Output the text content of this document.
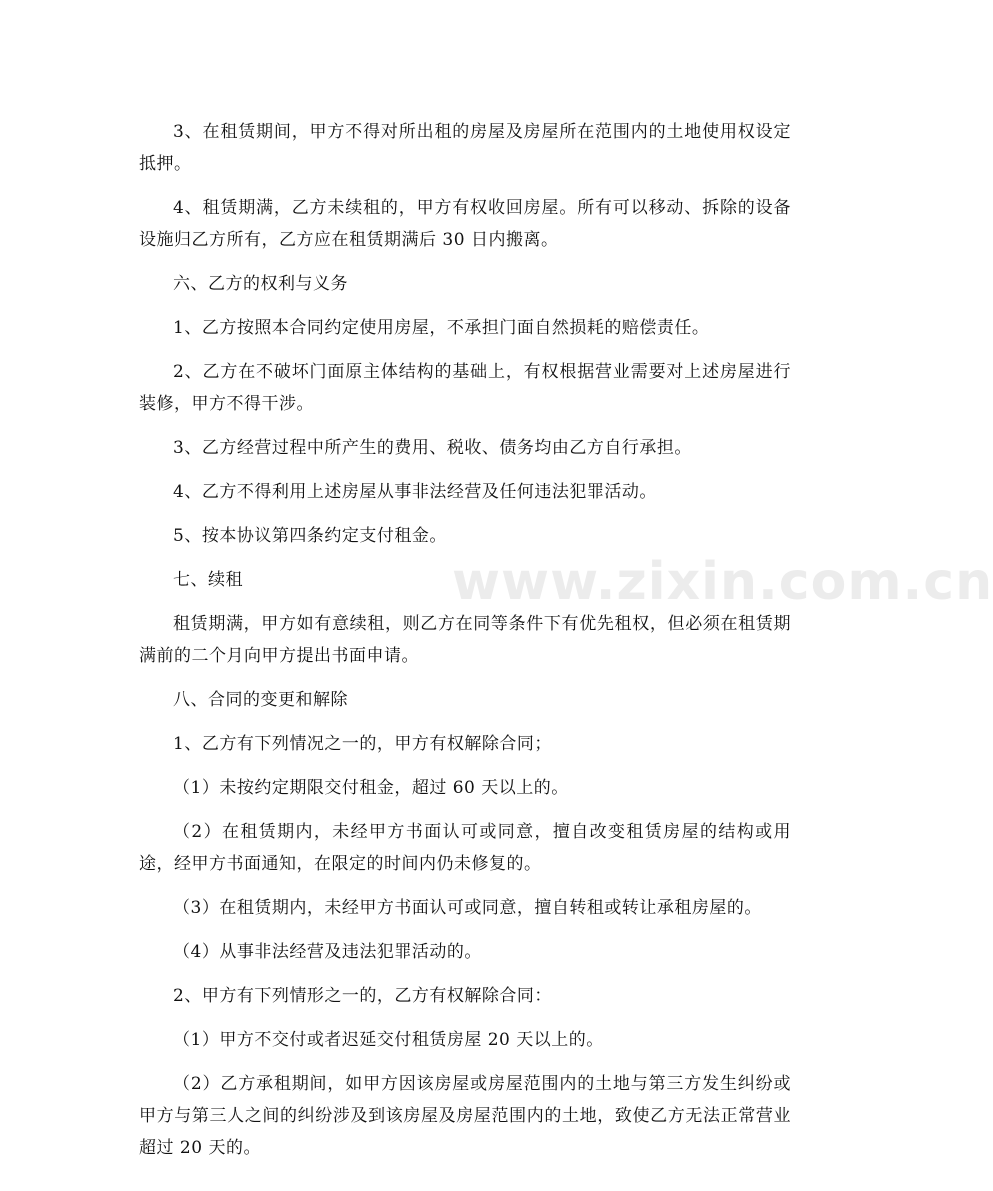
3、在租赁期间，甲方不得对所出租的房屋及房屋所在范围内的土地使用权设定抵押。

4、租赁期满，乙方未续租的，甲方有权收回房屋。所有可以移动、拆除的设备设施归乙方所有，乙方应在租赁期满后 30 日内搬离。

六、乙方的权利与义务

1、乙方按照本合同约定使用房屋，不承担门面自然损耗的赔偿责任。

2、乙方在不破坏门面原主体结构的基础上，有权根据营业需要对上述房屋进行装修，甲方不得干涉。

3、乙方经营过程中所产生的费用、税收、债务均由乙方自行承担。

4、乙方不得利用上述房屋从事非法经营及任何违法犯罪活动。

5、按本协议第四条约定支付租金。

七、续租

租赁期满，甲方如有意续租，则乙方在同等条件下有优先租权，但必须在租赁期满前的二个月向甲方提出书面申请。

八、合同的变更和解除

1、乙方有下列情况之一的，甲方有权解除合同；

（1）未按约定期限交付租金，超过 60 天以上的。

（2）在租赁期内，未经甲方书面认可或同意，擅自改变租赁房屋的结构或用途，经甲方书面通知，在限定的时间内仍未修复的。

（3）在租赁期内，未经甲方书面认可或同意，擅自转租或转让承租房屋的。

（4）从事非法经营及违法犯罪活动的。

2、甲方有下列情形之一的，乙方有权解除合同：

（1）甲方不交付或者迟延交付租赁房屋 20 天以上的。

（2）乙方承租期间，如甲方因该房屋或房屋范围内的土地与第三方发生纠纷或甲方与第三人之间的纠纷涉及到该房屋及房屋范围内的土地，致使乙方无法正常营业超过 20 天的。

www.zixin.com.cn
